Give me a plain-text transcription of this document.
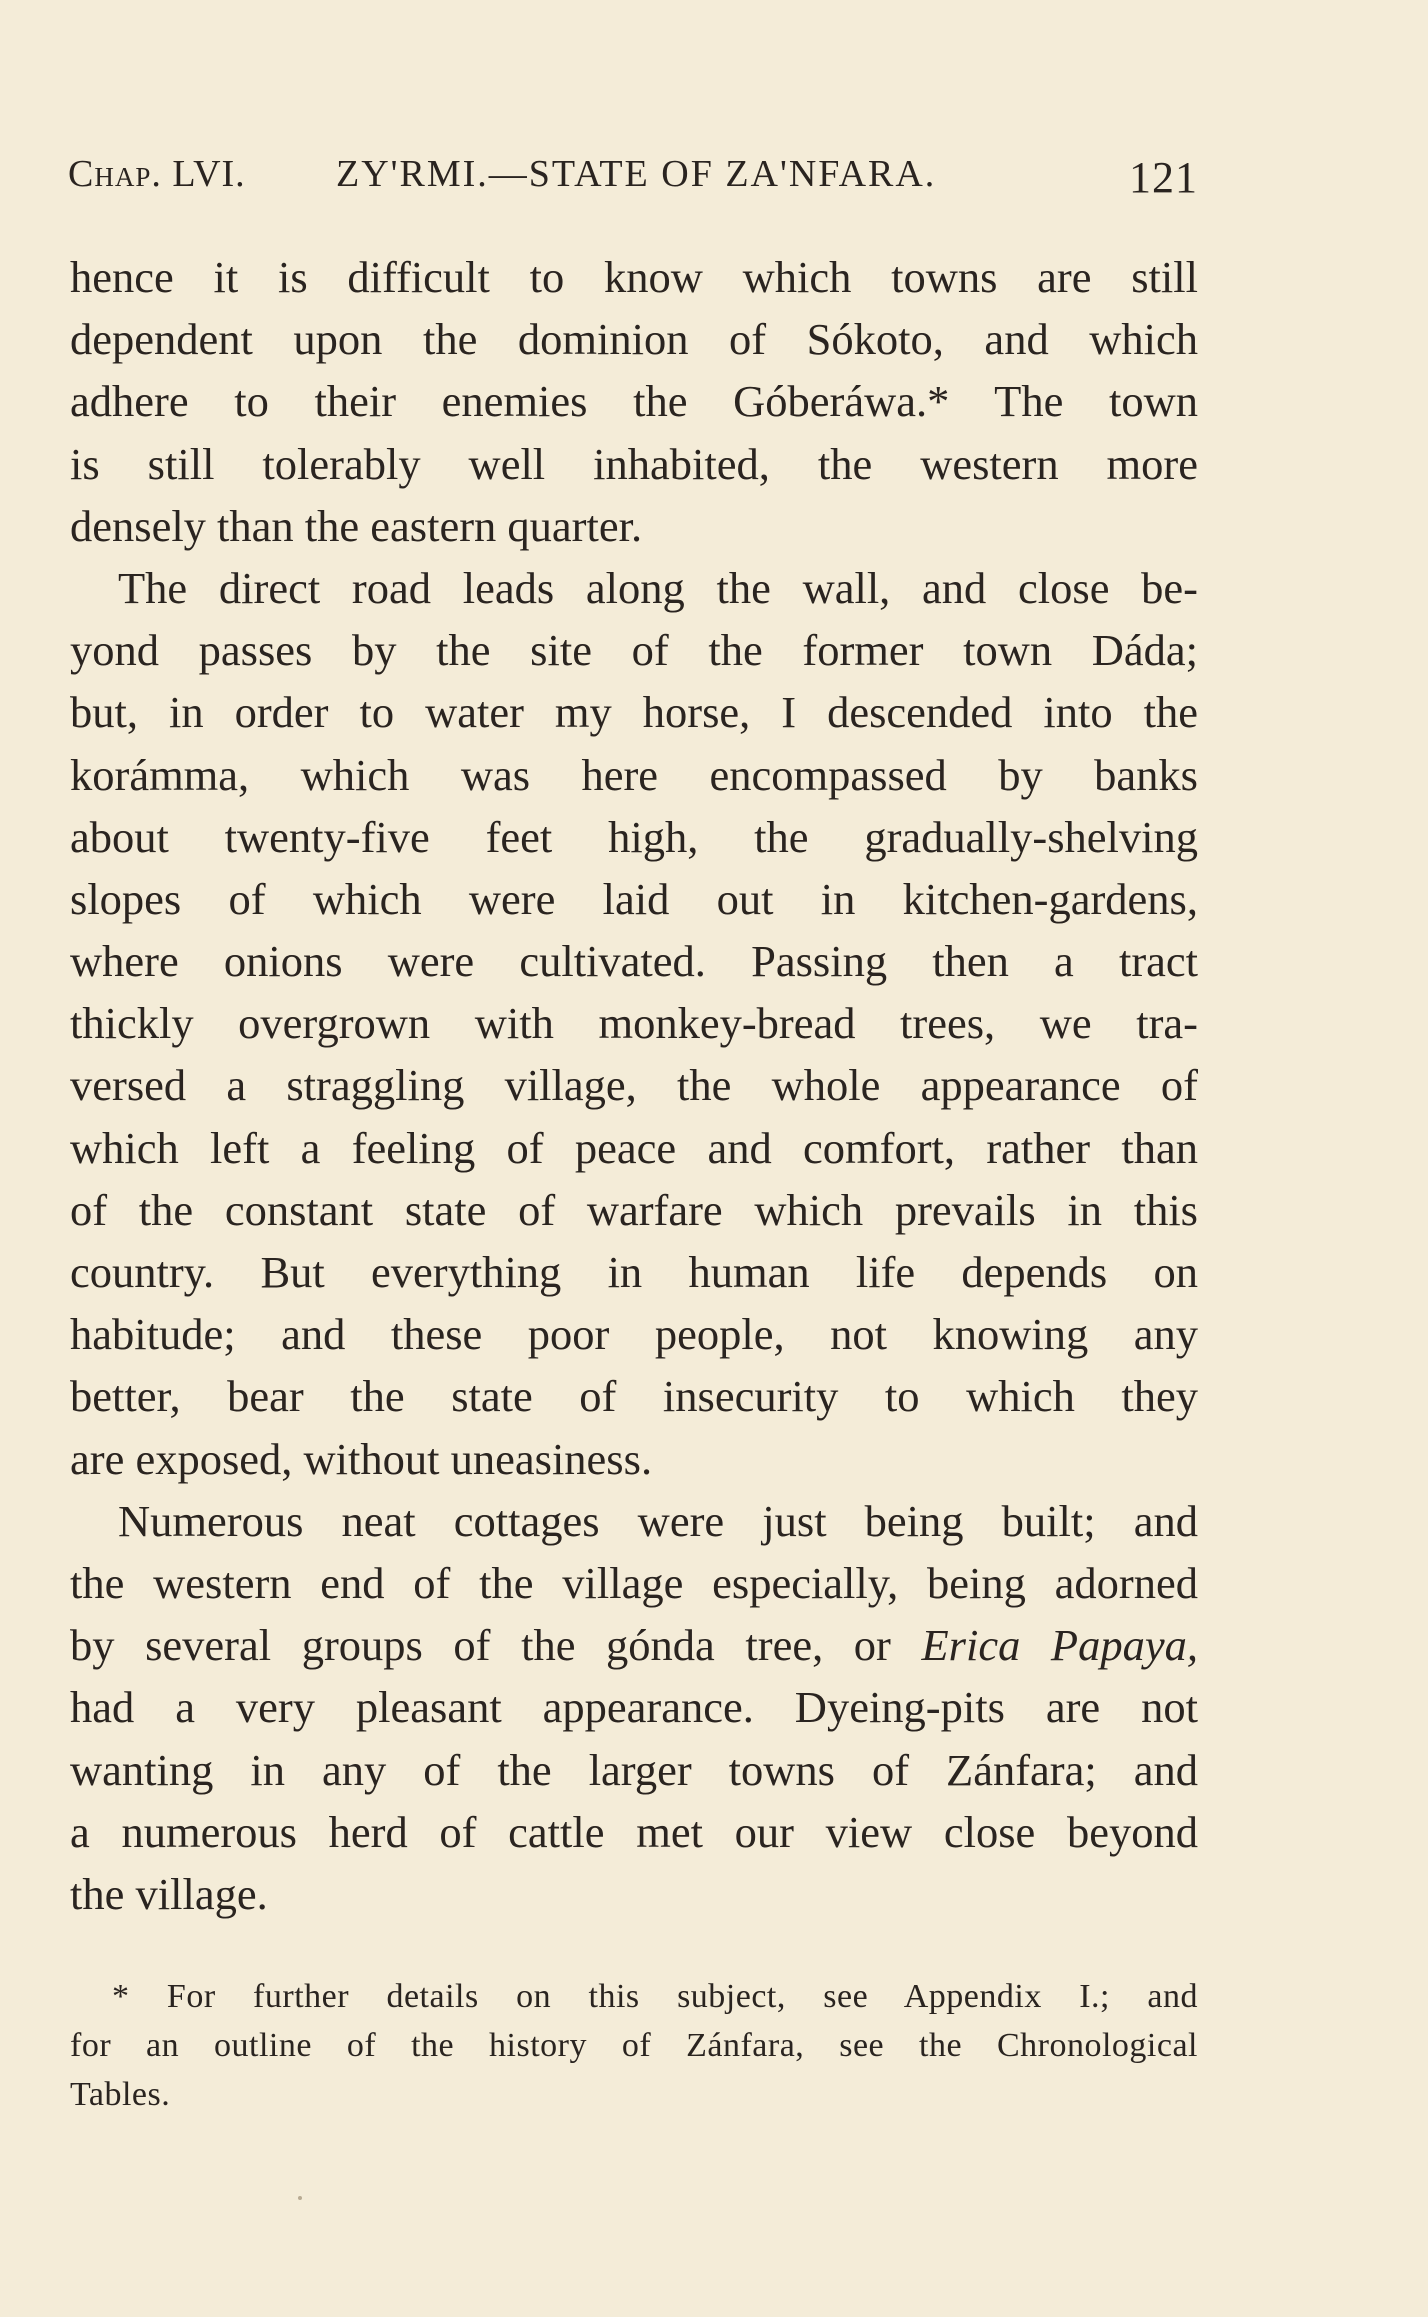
Chap. LVI. ZY'RMI.—STATE OF ZA'NFARA.	121
hence it is difficult to know which towns are still
dependent upon the dominion of Sókoto, and which
adhere to their enemies the Góberáwa.* The town
is still tolerably well inhabited, the western more
densely than the eastern quarter.
The direct road leads along the wall, and close be-
yond passes by the site of the former town Dáda;
but, in order to water my horse, I descended into the
korámma, which was here encompassed by banks
about twenty-five feet high, the gradually-shelving
slopes of which were laid out in kitchen-gardens,
where onions were cultivated. Passing then a tract
thickly overgrown with monkey-bread trees, we tra-
versed a straggling village, the whole appearance of
which left a feeling of peace and comfort, rather than
of the constant state of warfare which prevails in this
country. But everything in human life depends on
habitude; and these poor people, not knowing any
better, bear the state of insecurity to which they
are exposed, without uneasiness.
Numerous neat cottages were just being built; and
the western end of the village especially, being adorned
by several groups of the gónda tree, or Erica Papaya,
had a very pleasant appearance. Dyeing-pits are not
wanting in any of the larger towns of Zánfara; and
a numerous herd of cattle met our view close beyond
the village.
* For further details on this subject, see Appendix I.; and
for an outline of the history of Zánfara, see the Chronological
Tables.
